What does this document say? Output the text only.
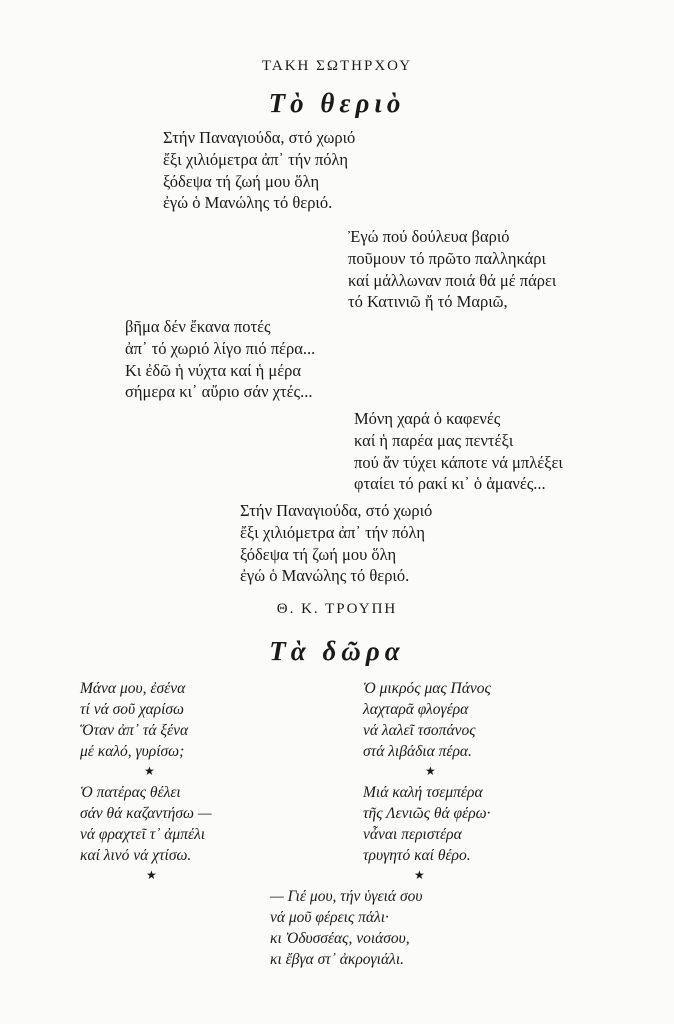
ΤΑΚΗ ΣΩΤΗΡΧΟΥ
Τὸ θεριὸ
Στήν Παναγιούδα, στό χωριό
ἔξι χιλιόμετρα ἀπ᾽ τήν πόλη
ξόδεψα τή ζωή μου ὅλη
ἐγώ ὁ Μανώλης τό θεριό.
Ἐγώ πού δούλευα βαριό
ποῦμουν τό πρῶτο παλληκάρι
καί μάλλωναν ποιά θά μέ πάρει
τό Κατινιῶ ἤ τό Μαριῶ,
βῆμα δέν ἔκανα ποτές
ἀπ᾽ τό χωριό λίγο πιό πέρα...
Κι ἐδῶ ἡ νύχτα καί ἡ μέρα
σήμερα κι᾽ αὔριο σάν χτές...
Μόνη χαρά ὁ καφενές
καί ἡ παρέα μας πεντέξι
πού ἄν τύχει κάποτε νά μπλέξει
φταίει τό ρακί κι᾽ ὁ ἀμανές...
Στήν Παναγιούδα, στό χωριό
ἔξι χιλιόμετρα ἀπ᾽ τήν πόλη
ξόδεψα τή ζωή μου ὅλη
ἐγώ ὁ Μανώλης τό θεριό.
Θ. Κ. ΤΡΟΥΠΗ
Τὰ δῶρα
Μάνα μου, ἐσένα
τί νά σοῦ χαρίσω
Ὅταν ἀπ᾽ τά ξένα
μέ καλό, γυρίσω;
★
Ὁ μικρός μας Πάνος
λαχταρᾶ φλογέρα
νά λαλεῖ τσοπάνος
στά λιβάδια πέρα.
★
Ὁ πατέρας θέλει
σάν θά καζαντήσω —
νά φραχτεῖ τ᾽ ἀμπέλι
καί λινό νά χτίσω.
★
Μιά καλή τσεμπέρα
τῆς Λενιῶς θά φέρω·
νἆναι περιστέρα
τρυγητό καί θέρο.
★
— Γιέ μου, τήν ὑγειά σου
νά μοῦ φέρεις πάλι·
κι Ὀδυσσέας, νοιάσου,
κι ἔβγα στ᾽ ἀκρογιάλι.
